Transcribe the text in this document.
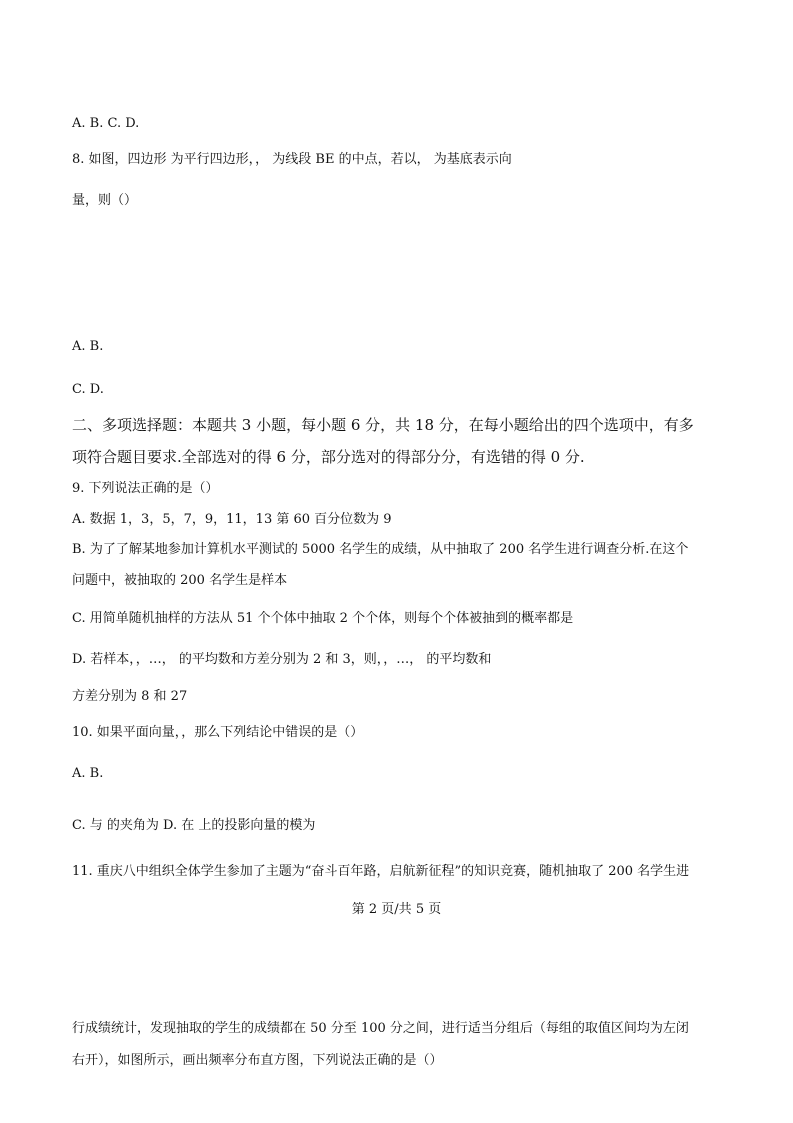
A. B. C. D.
8. 如图，四边形 为平行四边形，， 为线段 BE 的中点，若以， 为基底表示向
量，则（）
A. B.
C. D.
二、多项选择题：本题共 3 小题，每小题 6 分，共 18 分，在每小题给出的四个选项中，有多
项符合题目要求.全部选对的得 6 分，部分选对的得部分分，有选错的得 0 分.
9. 下列说法正确的是（）
A. 数据 1，3，5，7，9，11，13 第 60 百分位数为 9
B. 为了了解某地参加计算机水平测试的 5000 名学生的成绩，从中抽取了 200 名学生进行调查分析.在这个
问题中，被抽取的 200 名学生是样本
C. 用简单随机抽样的方法从 51 个个体中抽取 2 个个体，则每个个体被抽到的概率都是
D. 若样本，，…， 的平均数和方差分别为 2 和 3，则，，…， 的平均数和
方差分别为 8 和 27
10. 如果平面向量，，那么下列结论中错误的是（）
A. B.
C. 与 的夹角为 D. 在 上的投影向量的模为
11. 重庆八中组织全体学生参加了主题为“奋斗百年路，启航新征程”的知识竞赛，随机抽取了 200 名学生进
第 2 页/共 5 页
行成绩统计，发现抽取的学生的成绩都在 50 分至 100 分之间，进行适当分组后（每组的取值区间均为左闭
右开），如图所示，画出频率分布直方图，下列说法正确的是（）
